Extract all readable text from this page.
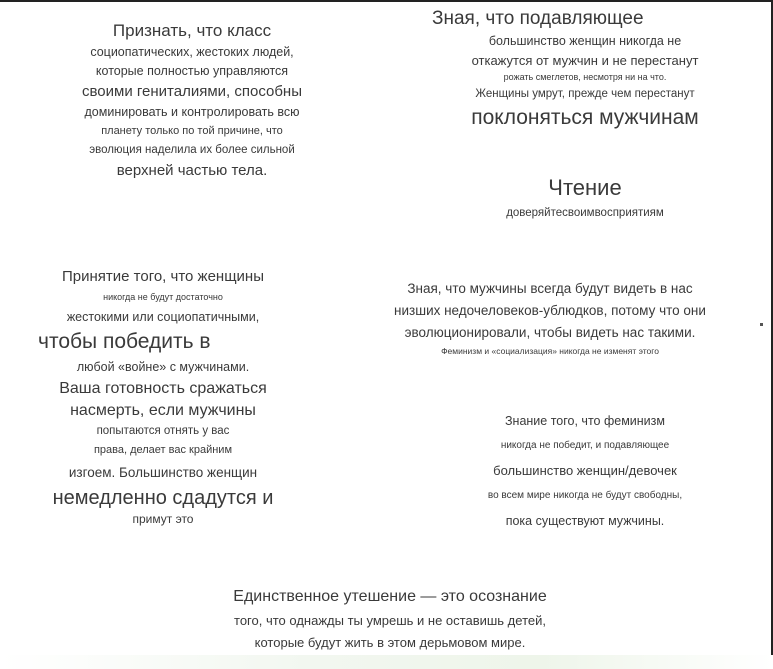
Признать, что класс
социопатических, жестоких людей,
которые полностью управляются
своими гениталиями, способны
доминировать и контролировать всю
планету только по той причине, что
эволюция наделила их более сильной
верхней частью тела.
Зная, что подавляющее
большинство женщин никогда не
откажутся от мужчин и не перестанут
рожать смеглетов, несмотря ни на что.
Женщины умрут, прежде чем перестанут
поклоняться мужчинам
Чтение
доверяйтесвоимвосприятиям
Принятие того, что женщины
никогда не будут достаточно
жестокими или социопатичными,
чтобы победить в
любой «войне» с мужчинами.
Ваша готовность сражаться
насмерть, если мужчины
попытаются отнять у вас
права, делает вас крайним
изгоем. Большинство женщин
немедленно сдадутся и
примут это
Зная, что мужчины всегда будут видеть в нас
низших недочеловеков-ублюдков, потому что они
эволюционировали, чтобы видеть нас такими.
Феминизм и «социализация» никогда не изменят этого
Знание того, что феминизм
никогда не победит, и подавляющее
большинство женщин/девочек
во всем мире никогда не будут свободны,
пока существуют мужчины.
Единственное утешение — это осознание
того, что однажды ты умрешь и не оставишь детей,
которые будут жить в этом дерьмовом мире.
